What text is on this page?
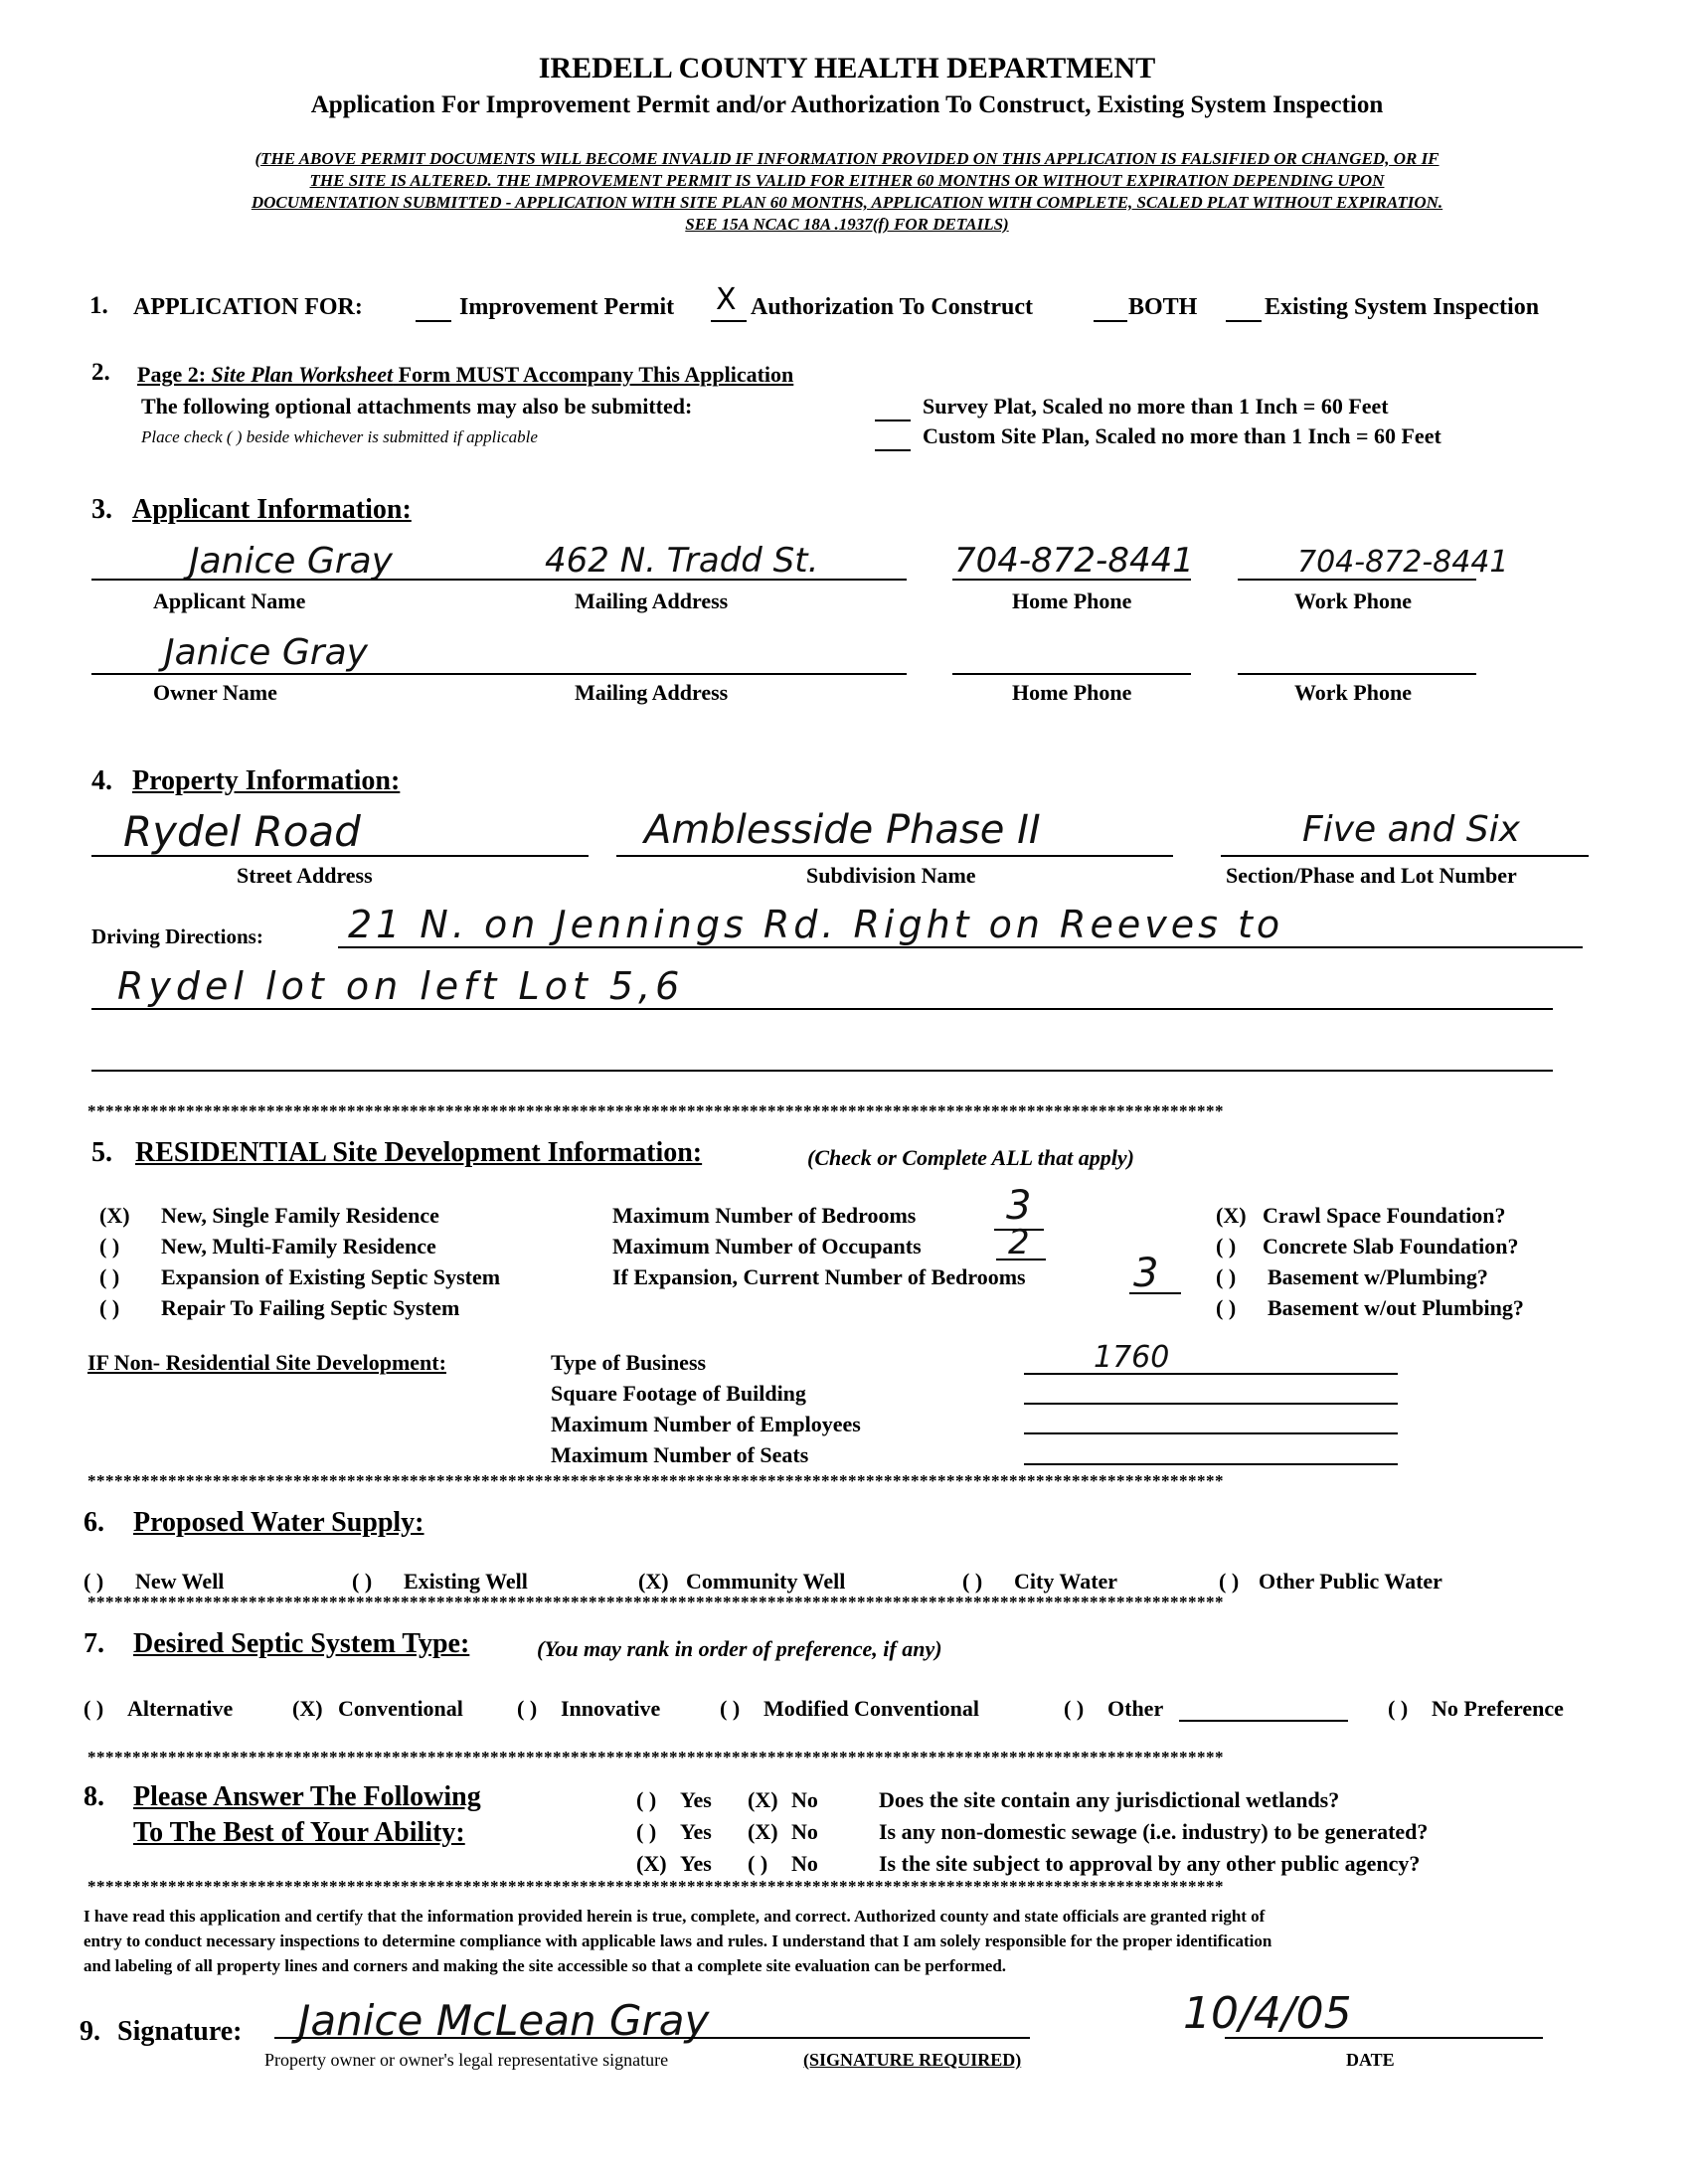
IREDELL COUNTY HEALTH DEPARTMENT
Application For Improvement Permit and/or Authorization To Construct, Existing System Inspection
(THE ABOVE PERMIT DOCUMENTS WILL BECOME INVALID IF INFORMATION PROVIDED ON THIS APPLICATION IS FALSIFIED OR CHANGED, OR IF
THE SITE IS ALTERED. THE IMPROVEMENT PERMIT IS VALID FOR EITHER 60 MONTHS OR WITHOUT EXPIRATION DEPENDING UPON
DOCUMENTATION SUBMITTED - APPLICATION WITH SITE PLAN 60 MONTHS, APPLICATION WITH COMPLETE, SCALED PLAT WITHOUT EXPIRATION.
SEE 15A NCAC 18A .1937(f) FOR DETAILS)
1. APPLICATION FOR:	Improvement Permit X Authorization To Construct	BOTH	Existing System Inspection
2. Page 2: Site Plan Worksheet Form MUST Accompany This Application
The following optional attachments may also be submitted:
Place check ( ) beside whichever is submitted if applicable
Survey Plat, Scaled no more than 1 Inch = 60 Feet
Custom Site Plan, Scaled no more than 1 Inch = 60 Feet
3. Applicant Information:
Janice Gray	462 N. Tradd St.	704-872-8441	704-872-8441
Applicant Name	Mailing Address	Home Phone	Work Phone
Janice Gray
Owner Name	Mailing Address	Home Phone	Work Phone
4. Property Information:
Rydel Road	Amblesside Phase II	Five and Six
Street Address	Subdivision Name	Section/Phase and Lot Number
Driving Directions: 21 N. on Jennings Rd. Right on Reeves to
Rydel lot on left Lot 5,6
*******************************************************************************************************************************
5. RESIDENTIAL Site Development Information:	(Check or Complete ALL that apply)
(X) New, Single Family Residence
( ) New, Multi-Family Residence
( ) Expansion of Existing Septic System
( ) Repair To Failing Septic System
Maximum Number of Bedrooms 3
Maximum Number of Occupants	2
If Expansion, Current Number of Bedrooms	3
(X) Crawl Space Foundation?
( ) Concrete Slab Foundation?
( ) Basement w/Plumbing?
( ) Basement w/out Plumbing?
IF Non- Residential Site Development:	Type of Business	1760
Square Footage of Building
Maximum Number of Employees
Maximum Number of Seats
*******************************************************************************************************************************
6. Proposed Water Supply:
( ) New Well	( ) Existing Well	(X) Community Well	( ) City Water	( ) Other Public Water
*******************************************************************************************************************************
7. Desired Septic System Type:	(You may rank in order of preference, if any)
( ) Alternative	(X) Conventional ( ) Innovative	( ) Modified Conventional	( ) Other	( ) No Preference
*******************************************************************************************************************************
8. Please Answer The Following
To The Best of Your Ability:
( ) Yes (X) No	Does the site contain any jurisdictional wetlands?
( ) Yes (X) No	Is any non-domestic sewage (i.e. industry) to be generated?
(X) Yes ( ) No	Is the site subject to approval by any other public agency?
*******************************************************************************************************************************
I have read this application and certify that the information provided herein is true, complete, and correct. Authorized county and state officials are granted right of
entry to conduct necessary inspections to determine compliance with applicable laws and rules. I understand that I am solely responsible for the proper identification
and labeling of all property lines and corners and making the site accessible so that a complete site evaluation can be performed.
9. Signature: Janice McLean Gray
Property owner or owner's legal representative signature	(SIGNATURE REQUIRED)
10/4/05
DATE
